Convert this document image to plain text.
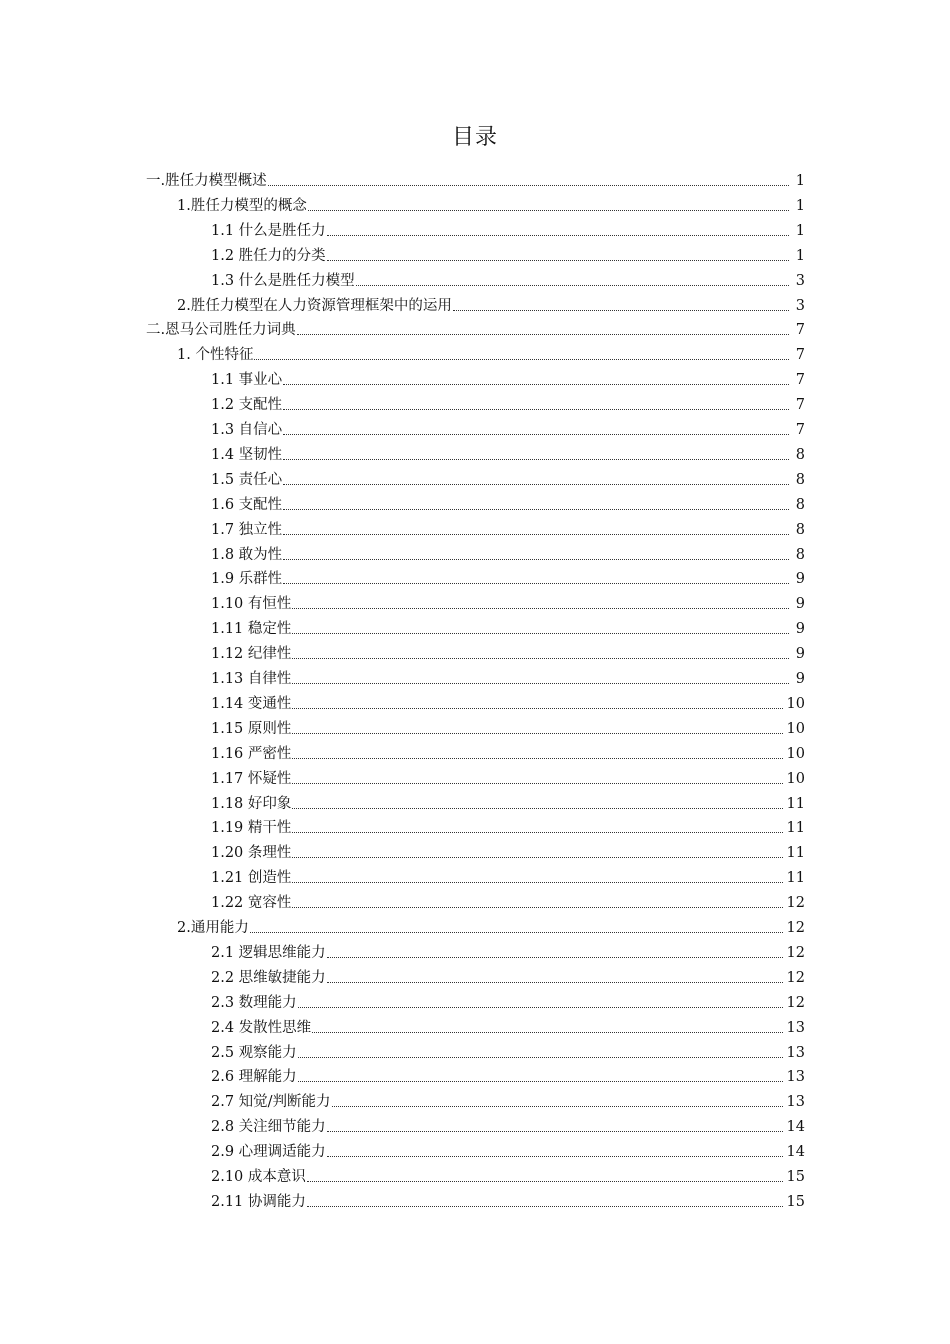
目录
一.胜任力模型概述	1
1.胜任力模型的概念	1
1.1 什么是胜任力	1
1.2 胜任力的分类	1
1.3 什么是胜任力模型	3
2.胜任力模型在人力资源管理框架中的运用	3
二.恩马公司胜任力词典	7
1. 个性特征	7
1.1 事业心	7
1.2 支配性	7
1.3 自信心	7
1.4 坚韧性	8
1.5 责任心	8
1.6 支配性	8
1.7 独立性	8
1.8 敢为性	8
1.9 乐群性	9
1.10 有恒性	9
1.11 稳定性	9
1.12 纪律性	9
1.13 自律性	9
1.14 变通性	10
1.15 原则性	10
1.16 严密性	10
1.17 怀疑性	10
1.18 好印象	11
1.19 精干性	11
1.20 条理性	11
1.21 创造性	11
1.22 宽容性	12
2.通用能力	12
2.1 逻辑思维能力	12
2.2 思维敏捷能力	12
2.3 数理能力	12
2.4 发散性思维	13
2.5 观察能力	13
2.6 理解能力	13
2.7 知觉/判断能力	13
2.8 关注细节能力	14
2.9 心理调适能力	14
2.10 成本意识	15
2.11 协调能力	15
